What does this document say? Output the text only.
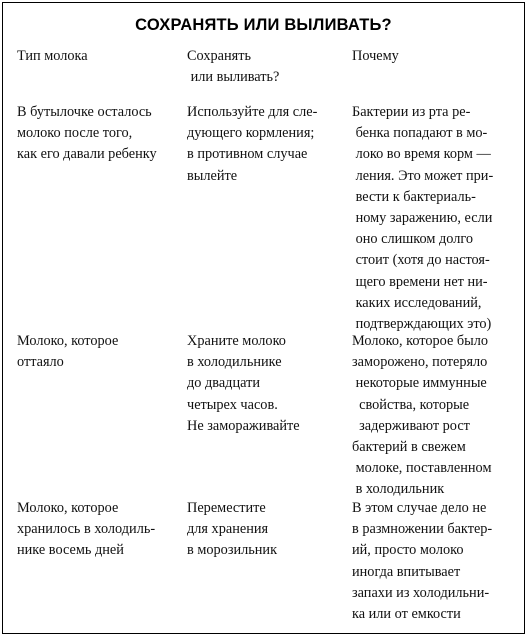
СОХРАНЯТЬ ИЛИ ВЫЛИВАТЬ?
Тип молока	Сохранять
или выливать?
Почему
В бутылочке осталось
молоко после того,
как его давали ребенку
Используйте для сле-
дующего кормления;
в противном случае
вылейте
Бактерии из рта ре-
бенка попадают в мо-
локо во время корм —
ления. Это может при-
вести к бактериаль-
ному заражению, если
оно слишком долго
стоит (хотя до настоя-
щего времени нет ни-
каких исследований,
подтверждающих это)
Молоко, которое
оттаяло
Храните молоко
в холодильнике
до двадцати
четырех часов.
Не замораживайте
Молоко, которое было
заморожено, потеряло
некоторые иммунные
свойства, которые
задерживают рост
бактерий в свежем
молоке, поставленном
в холодильник
Молоко, которое
хранилось в холодиль-
нике восемь дней
Переместите
для хранения
в морозильник
В этом случае дело не
в размножении бактер-
ий, просто молоко
иногда впитывает
запахи из холодильни-
ка или от емкости
